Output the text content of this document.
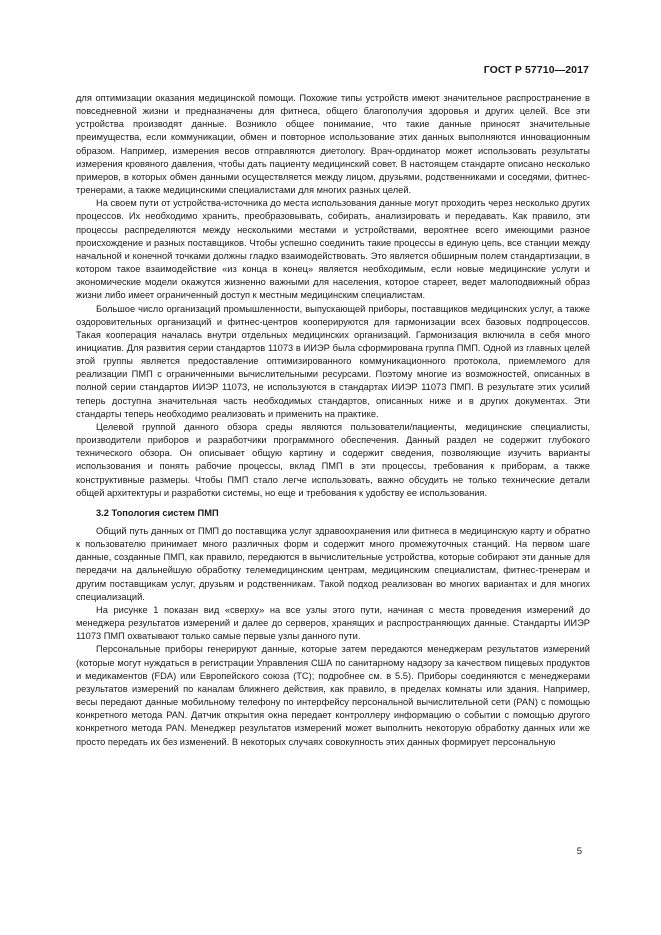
ГОСТ Р 57710—2017

для оптимизации оказания медицинской помощи. Похожие типы устройств имеют значительное распространение в повседневной жизни и предназначены для фитнеса, общего благополучия здоровья и других целей. Все эти устройства производят данные. Возникло общее понимание, что такие данные приносят значительные преимущества, если коммуникации, обмен и повторное использование этих данных выполняются инновационным образом. Например, измерения весов отправляются диетологу. Врач-ординатор может использовать результаты измерения кровяного давления, чтобы дать пациенту медицинский совет. В настоящем стандарте описано несколько примеров, в которых обмен данными осуществляется между лицом, друзьями, родственниками и соседями, фитнес-тренерами, а также медицинскими специалистами для многих разных целей.

На своем пути от устройства-источника до места использования данные могут проходить через несколько других процессов. Их необходимо хранить, преобразовывать, собирать, анализировать и передавать. Как правило, эти процессы распределяются между несколькими местами и устройствами, вероятнее всего имеющими разное происхождение и разных поставщиков. Чтобы успешно соединить такие процессы в единую цепь, все станции между начальной и конечной точками должны гладко взаимодействовать. Это является обширным полем стандартизации, в котором такое взаимодействие «из конца в конец» является необходимым, если новые медицинские услуги и экономические модели окажутся жизненно важными для населения, которое стареет, ведет малоподвижный образ жизни либо имеет ограниченный доступ к местным медицинским специалистам.

Большое число организаций промышленности, выпускающей приборы, поставщиков медицинских услуг, а также оздоровительных организаций и фитнес-центров кооперируются для гармонизации всех базовых подпроцессов. Такая кооперация началась внутри отдельных медицинских организаций. Гармонизация включила в себя много инициатив. Для развития серии стандартов 11073 в ИИЭР была сформирована группа ПМП. Одной из главных целей этой группы является предоставление оптимизированного коммуникационного протокола, приемлемого для реализации ПМП с ограниченными вычислительными ресурсами. Поэтому многие из возможностей, описанных в полной серии стандартов ИИЭР 11073, не используются в стандартах ИИЭР 11073 ПМП. В результате этих усилий теперь доступна значительная часть необходимых стандартов, описанных ниже и в других документах. Эти стандарты теперь необходимо реализовать и применить на практике.

Целевой группой данного обзора среды являются пользователи/пациенты, медицинские специалисты, производители приборов и разработчики программного обеспечения. Данный раздел не содержит глубокого технического обзора. Он описывает общую картину и содержит сведения, позволяющие изучить варианты использования и понять рабочие процессы, вклад ПМП в эти процессы, требования к приборам, а также конструктивные размеры. Чтобы ПМП стало легче использовать, важно обсудить не только технические детали общей архитектуры и разработки системы, но еще и требования к удобству ее использования.

3.2 Топология систем ПМП

Общий путь данных от ПМП до поставщика услуг здравоохранения или фитнеса в медицинскую карту и обратно к пользователю принимает много различных форм и содержит много промежуточных станций. На первом шаге данные, созданные ПМП, как правило, передаются в вычислительные устройства, которые собирают эти данные для передачи на дальнейшую обработку телемедицинским центрам, медицинским специалистам, фитнес-тренерам и другим поставщикам услуг, друзьям и родственникам. Такой подход реализован во многих вариантах и для многих специализаций.

На рисунке 1 показан вид «сверху» на все узлы этого пути, начиная с места проведения измерений до менеджера результатов измерений и далее до серверов, хранящих и распространяющих данные. Стандарты ИИЭР 11073 ПМП охватывают только самые первые узлы данного пути.

Персональные приборы генерируют данные, которые затем передаются менеджерам результатов измерений (которые могут нуждаться в регистрации Управления США по санитарному надзору за качеством пищевых продуктов и медикаментов (FDA) или Европейского союза (ТС); подробнее см. в 5.5). Приборы соединяются с менеджерами результатов измерений по каналам ближнего действия, как правило, в пределах комнаты или здания. Например, весы передают данные мобильному телефону по интерфейсу персональной вычислительной сети (PAN) с помощью конкретного метода PAN. Датчик открытия окна передает контроллеру информацию о событии с помощью другого конкретного метода PAN. Менеджер результатов измерений может выполнить некоторую обработку данных или же просто передать их без изменений. В некоторых случаях совокупность этих данных формирует персональную

5
